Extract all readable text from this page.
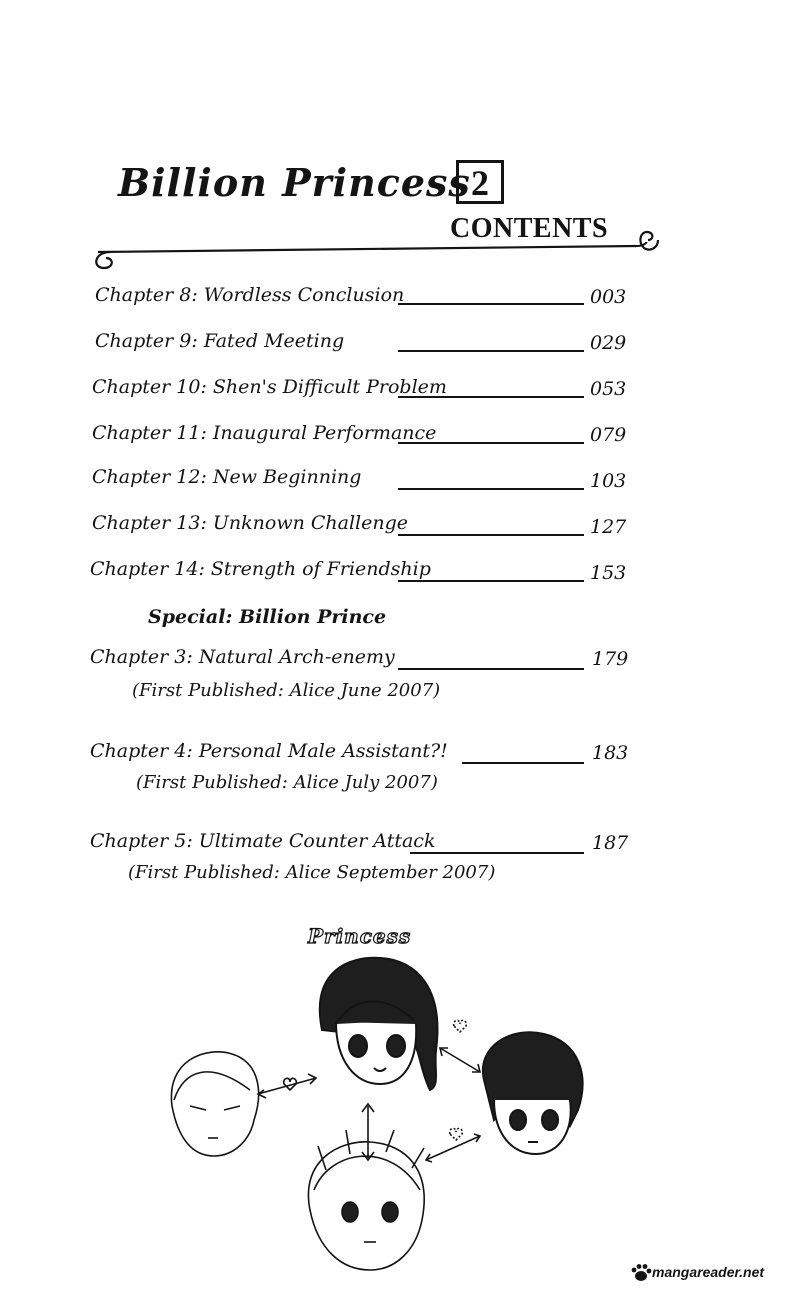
Billion Princess 2
CONTENTS
Chapter 8: Wordless Conclusion	003
Chapter 9: Fated Meeting	029
Chapter 10: Shen's Difficult Problem	053
Chapter 11: Inaugural Performance	079
Chapter 12: New Beginning	103
Chapter 13: Unknown Challenge	127
Chapter 14: Strength of Friendship	153
Special: Billion Prince
Chapter 3: Natural Arch-enemy	179
(First Published: Alice June 2007)
Chapter 4: Personal Male Assistant?!	183
(First Published: Alice July 2007)
Chapter 5: Ultimate Counter Attack	187
(First Published: Alice September 2007)
Princess
mangareader.net
